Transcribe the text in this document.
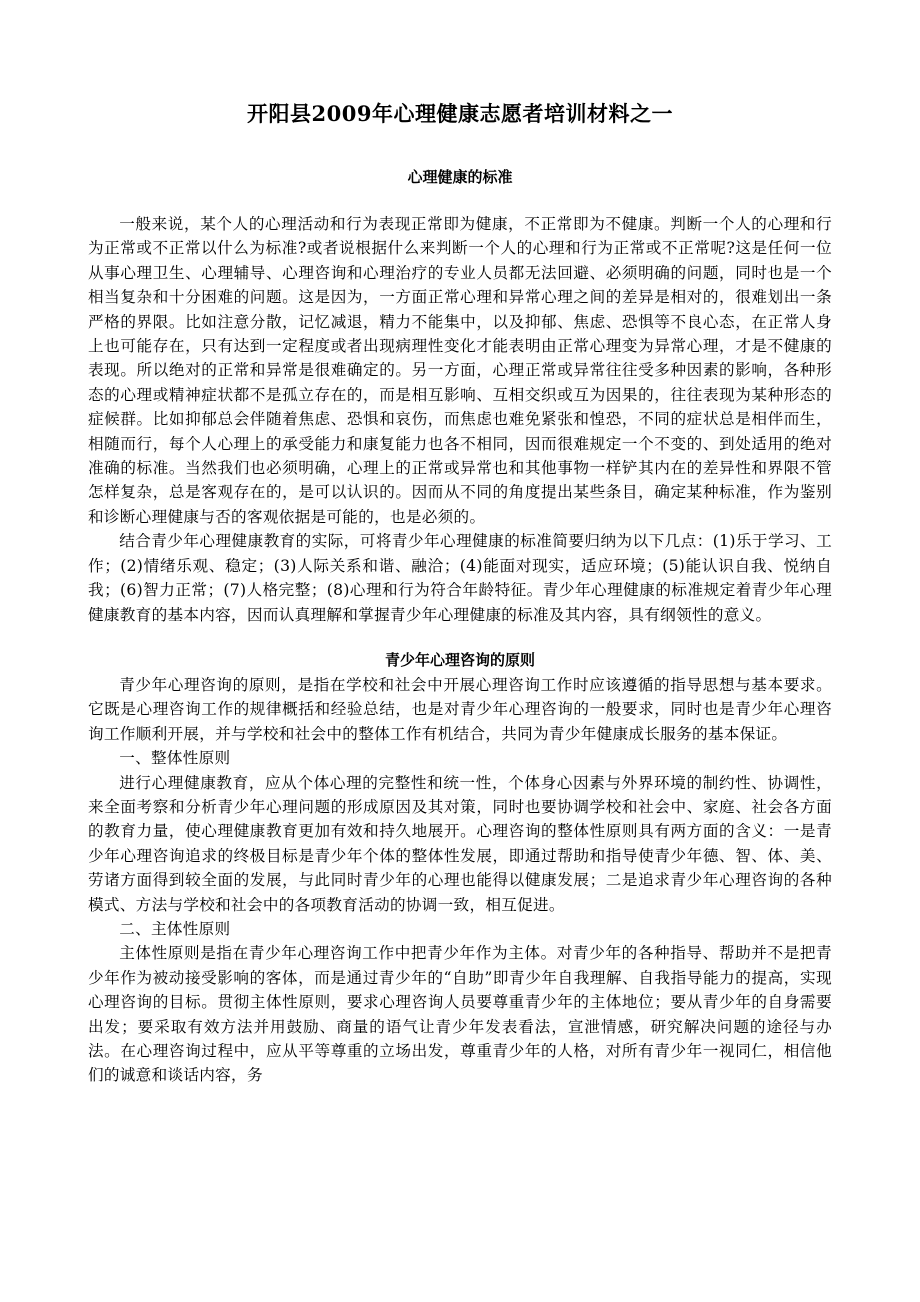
开阳县2009年心理健康志愿者培训材料之一
心理健康的标准

一般来说，某个人的心理活动和行为表现正常即为健康，不正常即为不健康。判断一个人的心理和行为正常或不正常以什么为标准?或者说根据什么来判断一个人的心理和行为正常或不正常呢?这是任何一位从事心理卫生、心理辅导、心理咨询和心理治疗的专业人员都无法回避、必须明确的问题，同时也是一个相当复杂和十分困难的问题。这是因为，一方面正常心理和异常心理之间的差异是相对的，很难划出一条严格的界限。比如注意分散，记忆减退，精力不能集中，以及抑郁、焦虑、恐惧等不良心态，在正常人身上也可能存在，只有达到一定程度或者出现病理性变化才能表明由正常心理变为异常心理，才是不健康的表现。所以绝对的正常和异常是很难确定的。另一方面，心理正常或异常往往受多种因素的影响，各种形态的心理或精神症状都不是孤立存在的，而是相互影响、互相交织或互为因果的，往往表现为某种形态的症候群。比如抑郁总会伴随着焦虑、恐惧和哀伤，而焦虑也难免紧张和惶恐，不同的症状总是相伴而生，相随而行，每个人心理上的承受能力和康复能力也各不相同，因而很难规定一个不变的、到处适用的绝对准确的标准。当然我们也必须明确，心理上的正常或异常也和其他事物一样铲其内在的差异性和界限不管怎样复杂，总是客观存在的，是可以认识的。因而从不同的角度提出某些条目，确定某种标准，作为鉴别和诊断心理健康与否的客观依据是可能的，也是必须的。

结合青少年心理健康教育的实际，可将青少年心理健康的标准简要归纳为以下几点：(1)乐于学习、工作；(2)情绪乐观、稳定；(3)人际关系和谐、融洽；(4)能面对现实，适应环境；(5)能认识自我、悦纳自我；(6)智力正常；(7)人格完整；(8)心理和行为符合年龄特征。青少年心理健康的标准规定着青少年心理健康教育的基本内容，因而认真理解和掌握青少年心理健康的标准及其内容，具有纲领性的意义。

青少年心理咨询的原则

青少年心理咨询的原则，是指在学校和社会中开展心理咨询工作时应该遵循的指导思想与基本要求。它既是心理咨询工作的规律概括和经验总结，也是对青少年心理咨询的一般要求，同时也是青少年心理咨询工作顺利开展，并与学校和社会中的整体工作有机结合，共同为青少年健康成长服务的基本保证。

一、整体性原则

进行心理健康教育，应从个体心理的完整性和统一性，个体身心因素与外界环境的制约性、协调性，来全面考察和分析青少年心理问题的形成原因及其对策，同时也要协调学校和社会中、家庭、社会各方面的教育力量，使心理健康教育更加有效和持久地展开。心理咨询的整体性原则具有两方面的含义：一是青少年心理咨询追求的终极目标是青少年个体的整体性发展，即通过帮助和指导使青少年德、智、体、美、劳诸方面得到较全面的发展，与此同时青少年的心理也能得以健康发展；二是追求青少年心理咨询的各种模式、方法与学校和社会中的各项教育活动的协调一致，相互促进。

二、主体性原则

主体性原则是指在青少年心理咨询工作中把青少年作为主体。对青少年的各种指导、帮助并不是把青少年作为被动接受影响的客体，而是通过青少年的“自助”即青少年自我理解、自我指导能力的提高，实现心理咨询的目标。贯彻主体性原则，要求心理咨询人员要尊重青少年的主体地位；要从青少年的自身需要出发；要采取有效方法并用鼓励、商量的语气让青少年发表看法，宣泄情感，研究解决问题的途径与办法。在心理咨询过程中，应从平等尊重的立场出发，尊重青少年的人格，对所有青少年一视同仁，相信他们的诚意和谈话内容，务
